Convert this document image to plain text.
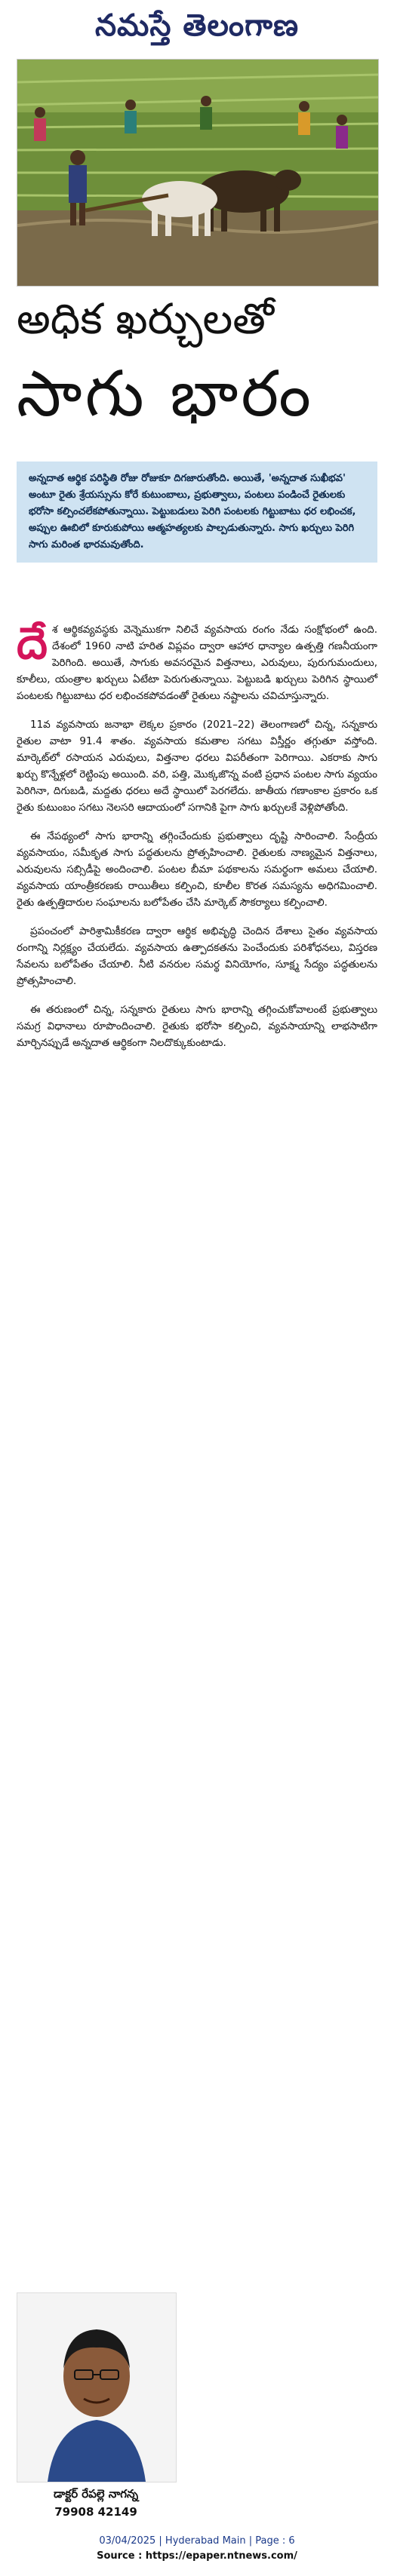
నమస్తే తెలంగాణ
అధిక ఖర్చులతో
సాగు భారం
అన్నదాత ఆర్థిక పరిస్థితి రోజు రోజుకూ దిగజారుతోంది. అయితే, 'అన్నదాత సుఖీభవ' అంటూ రైతు శ్రేయస్సును కోరే కుటుంబాలు, ప్రభుత్వాలు, పంటలు పండించే రైతులకు భరోసా కల్పించలేకపోతున్నాయి. పెట్టుబడులు పెరిగి పంటలకు గిట్టుబాటు ధర లభించక, అప్పుల ఊబిలో కూరుకుపోయి ఆత్మహత్యలకు పాల్పడుతున్నారు. సాగు ఖర్చులు పెరిగి సాగు మరింత భారమవుతోంది.

దే శ ఆర్థికవ్యవస్థకు వెన్నెముకగా నిలిచే వ్యవసాయ రంగం నేడు సంక్షోభంలో ఉంది. దేశంలో 1960 నాటి హరిత విప్లవం ద్వారా ఆహార ధాన్యాల ఉత్పత్తి గణనీయంగా పెరిగింది. అయితే, సాగుకు అవసరమైన విత్తనాలు, ఎరువులు, పురుగుమందులు, కూలీలు, యంత్రాల ఖర్చులు ఏటేటా పెరుగుతున్నాయి. పెట్టుబడి ఖర్చులు పెరిగిన స్థాయిలో పంటలకు గిట్టుబాటు ధర లభించకపోవడంతో రైతులు నష్టాలను చవిచూస్తున్నారు.

11వ వ్యవసాయ జనాభా లెక్కల ప్రకారం (2021–22) తెలంగాణలో చిన్న, సన్నకారు రైతుల వాటా 91.4 శాతం. వ్యవసాయ కమతాల సగటు విస్తీర్ణం తగ్గుతూ వస్తోంది. మార్కెట్‌లో రసాయన ఎరువులు, విత్తనాల ధరలు విపరీతంగా పెరిగాయి. ఎకరాకు సాగు ఖర్చు కొన్నేళ్లలో రెట్టింపు అయింది. వరి, పత్తి, మొక్కజొన్న వంటి ప్రధాన పంటల సాగు వ్యయం పెరిగినా, దిగుబడి, మద్దతు ధరలు అదే స్థాయిలో పెరగలేదు. జాతీయ గణాంకాల ప్రకారం ఒక రైతు కుటుంబం సగటు నెలసరి ఆదాయంలో సగానికి పైగా సాగు ఖర్చులకే వెళ్లిపోతోంది.

ఈ నేపథ్యంలో సాగు భారాన్ని తగ్గించేందుకు ప్రభుత్వాలు దృష్టి సారించాలి. సేంద్రీయ వ్యవసాయం, సమీకృత సాగు పద్ధతులను ప్రోత్సహించాలి. రైతులకు నాణ్యమైన విత్తనాలు, ఎరువులను సబ్సిడీపై అందించాలి. పంటల బీమా పథకాలను సమర్థంగా అమలు చేయాలి. వ్యవసాయ యాంత్రీకరణకు రాయితీలు కల్పించి, కూలీల కొరత సమస్యను అధిగమించాలి. రైతు ఉత్పత్తిదారుల సంఘాలను బలోపేతం చేసి మార్కెట్ సౌకర్యాలు కల్పించాలి.

ప్రపంచంలో పారిశ్రామికీకరణ ద్వారా ఆర్థిక అభివృద్ధి చెందిన దేశాలు సైతం వ్యవసాయ రంగాన్ని నిర్లక్ష్యం చేయలేదు. వ్యవసాయ ఉత్పాదకతను పెంచేందుకు పరిశోధనలు, విస్తరణ సేవలను బలోపేతం చేయాలి. నీటి వనరుల సమర్థ వినియోగం, సూక్ష్మ సేద్యం పద్ధతులను ప్రోత్సహించాలి.

ఈ తరుణంలో చిన్న, సన్నకారు రైతులు సాగు భారాన్ని తగ్గించుకోవాలంటే ప్రభుత్వాలు సమగ్ర విధానాలు రూపొందించాలి. రైతుకు భరోసా కల్పించి, వ్యవసాయాన్ని లాభసాటిగా మార్చినప్పుడే అన్నదాత ఆర్థికంగా నిలదొక్కుకుంటాడు.

డాక్టర్ రేపల్లె నాగన్న
79908 42149
03/04/2025 | Hyderabad Main | Page : 6
Source : https://epaper.ntnews.com/
